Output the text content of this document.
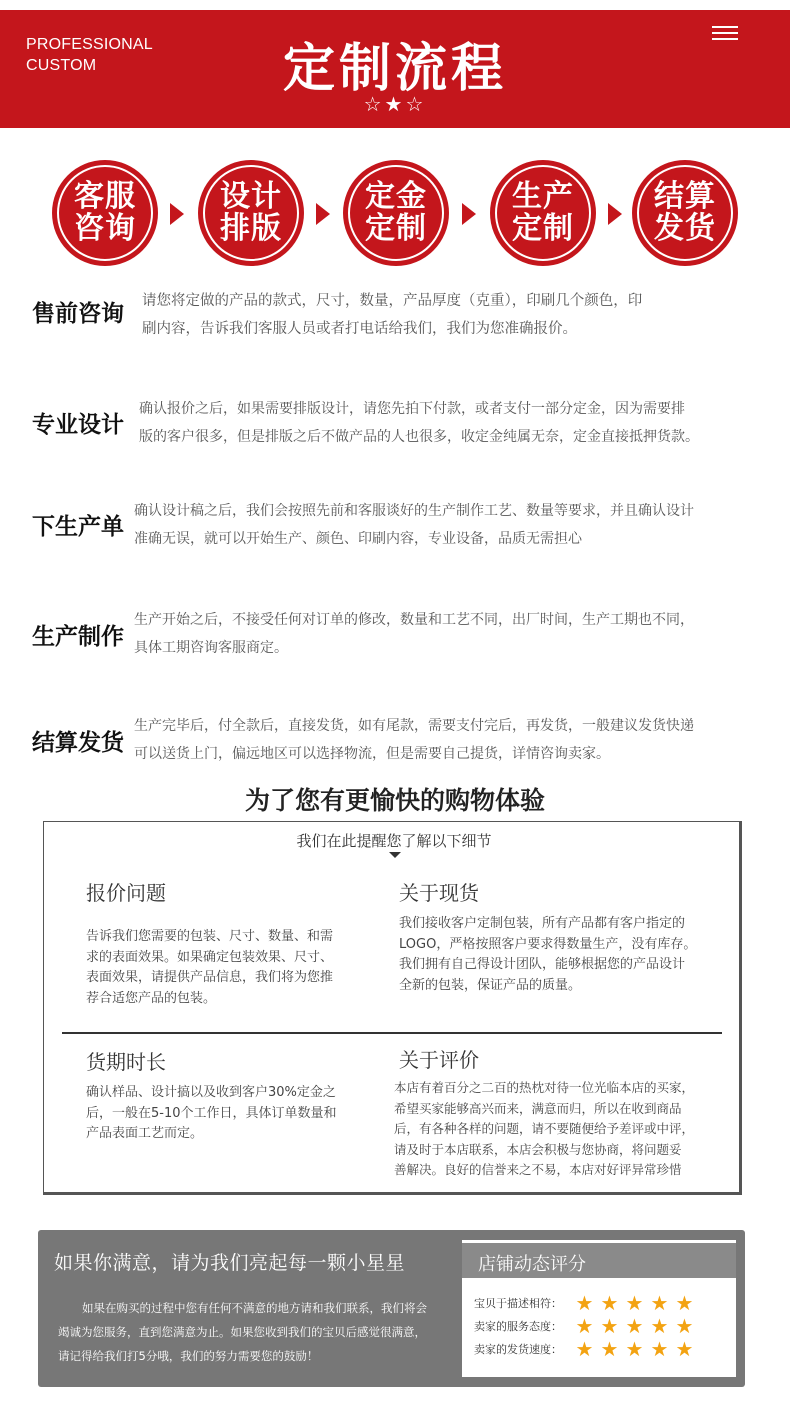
PROFESSIONAL
CUSTOM	定制流程
☆★☆
客服
咨询
设计
排版
定金
定制
生产
定制
结算
发货
售前咨询 请您将定做的产品的款式，尺寸，数量，产品厚度（克重），印刷几个颜色，印
刷内容，告诉我们客服人员或者打电话给我们，我们为您准确报价。
专业设计
确认报价之后，如果需要排版设计，请您先拍下付款，或者支付一部分定金，因为需要排
版的客户很多，但是排版之后不做产品的人也很多，收定金纯属无奈，定金直接抵押货款。
下生产单
确认设计稿之后，我们会按照先前和客服谈好的生产制作工艺、数量等要求，并且确认设计
准确无误，就可以开始生产、颜色、印刷内容，专业设备，品质无需担心
生产制作
生产开始之后，不接受任何对订单的修改，数量和工艺不同，出厂时间，生产工期也不同，
具体工期咨询客服商定。
结算发货
生产完毕后，付全款后，直接发货，如有尾款，需要支付完后，再发货，一般建议发货快递
可以送货上门，偏远地区可以选择物流，但是需要自己提货，详情咨询卖家。
为了您有更愉快的购物体验
我们在此提醒您了解以下细节
报价问题
告诉我们您需要的包装、尺寸、数量、和需
求的表面效果。如果确定包装效果、尺寸、
表面效果，请提供产品信息，我们将为您推
荐合适您产品的包装。
关于现货
我们接收客户定制包装，所有产品都有客户指定的
LOGO，严格按照客户要求得数量生产，没有库存。
我们拥有自己得设计团队，能够根据您的产品设计
全新的包装，保证产品的质量。
货期时长
确认样品、设计搞以及收到客户30%定金之
后，一般在5-10个工作日，具体订单数量和
产品表面工艺而定。
关于评价
本店有着百分之二百的热枕对待一位光临本店的买家，
希望买家能够高兴而来，满意而归，所以在收到商品
后，有各种各样的问题，请不要随便给予差评或中评，
请及时于本店联系，本店会积极与您协商，将问题妥
善解决。良好的信誉来之不易，本店对好评异常珍惜
如果你满意，请为我们亮起每一颗小星星
如果在购买的过程中您有任何不满意的地方请和我们联系，我们将会
竭诚为您服务，直到您满意为止。如果您收到我们的宝贝后感觉很满意，
请记得给我们打5分哦，我们的努力需要您的鼓励！
店铺动态评分
宝贝于描述相符： ★ ★ ★ ★ ★
卖家的服务态度： ★ ★ ★ ★ ★
卖家的发货速度： ★ ★ ★ ★ ★
